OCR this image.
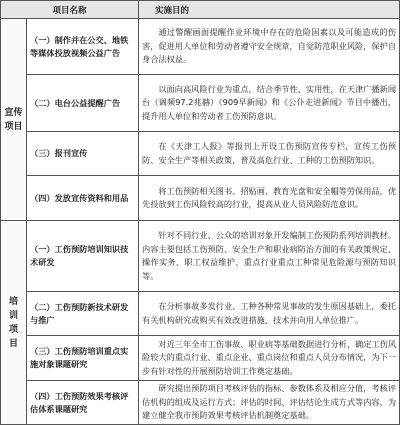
项目名称		实施目的

宣传
项目	（一）制作并在公交、地铁等媒体投放视频公益广告	通过警醒画面提醒作业环境中存在的危险因素以及可能造成的伤害，促进用人单位和劳动者遵守安全规章，自觉防范职业风险，保护自身合法权益。
	（二）电台公益提醒广告	以面向高风险行业为重点，结合季节性、实用性，在天津广播新闻台（调频97.2兆赫）《909早新闻》和《公仆走进新闻》节目中播出，提升用人单位和劳动者工伤预防意识。
	（三）报刊宣传	在《天津工人报》等报刊上开设工伤预防宣传专栏，宣传工伤预防、安全生产等相关政策，普及高危行业、工种的工伤预防知识。
	（四）发放宣传资料和用品	将工伤预防相关图书、招贴画、教育光盘和安全帽等劳保用品，优先投放到工伤风险较高的行业，提高从业人员风险防范意识。

培
训
项
目	（一）工伤预防培训知识技术研发	针对不同行业、公众的培训对象开发编制工伤预防系列培训教材。内容主要包括工伤预防、安全生产和职业病防治方面的有关政策规定、操作实务、职工权益维护、重点行业重点工种常见危险源与预防知识等。
	（二）工伤预防新技术研发与推广	在分析事故多发行业、工种各种常见事故的发生原因基础上，委托有关机构研究或购买有效改进措施、技术并向用人单位推广。
	（三）工伤预防培训重点实施对象课题研究	对近三年全市工伤事故、职业病等基础数据进行分析，确定工伤风险较大的重点行业、重点企业、重点岗位和重点人员分布情况，为下一步有针对性的开展预防培训工作奠定基础。
	（四）工伤预防效果考核评估体系课题研究	研究提出预防项目考核评估的指标、参数体系及相应分值，考核评估机构的组成及运行方式；评估的时间、评估结论生成方式等内容，为建立健全我市预防效果考核评估机制奠定基础。
